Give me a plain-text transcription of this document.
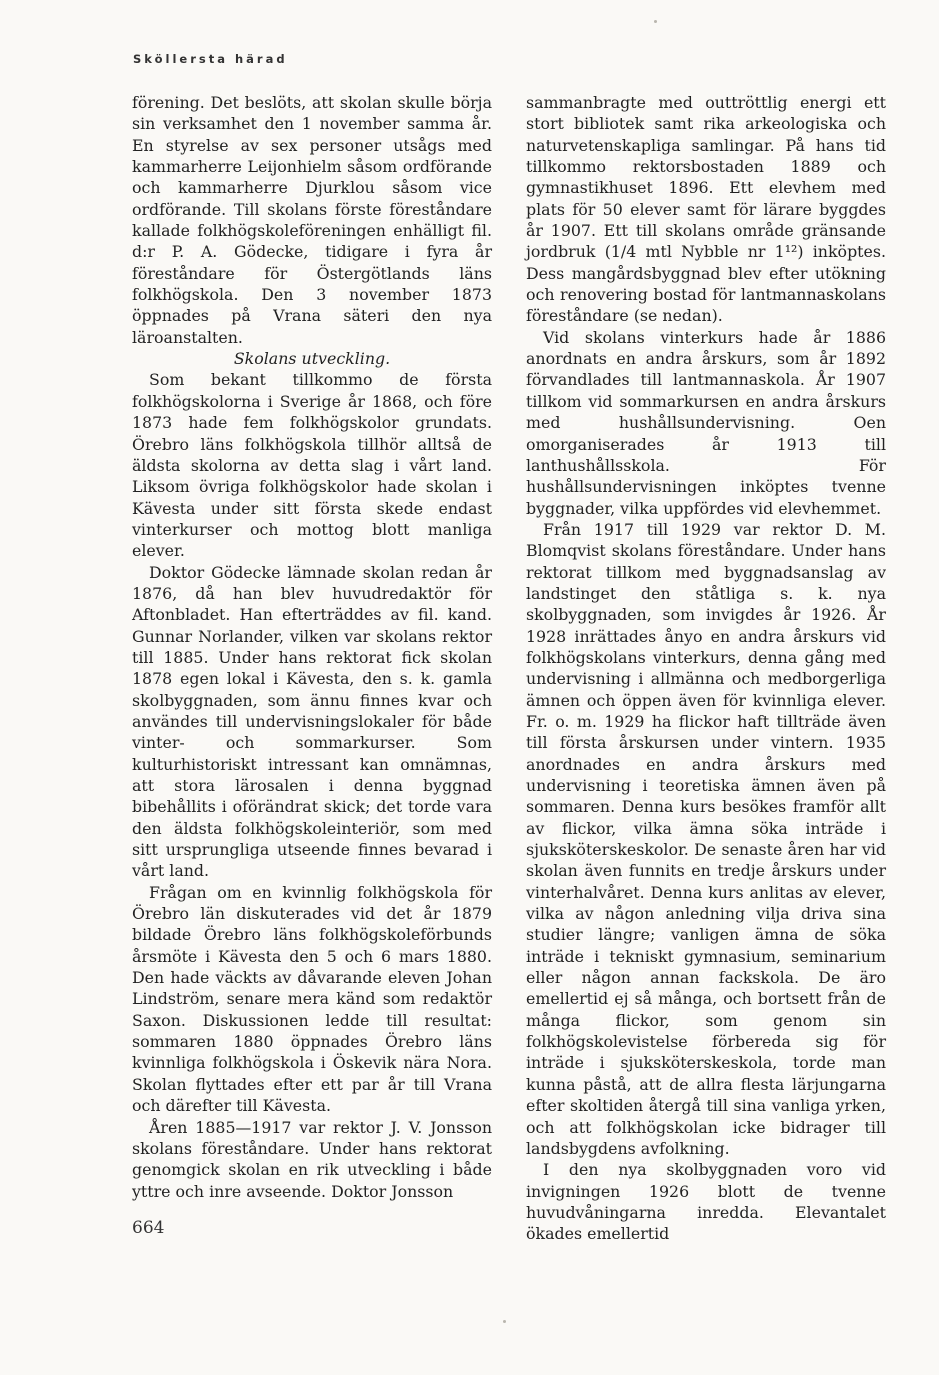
Sköllersta härad

förening. Det beslöts, att skolan skulle börja sin verksamhet den 1 november samma år. En styrelse av sex personer utsågs med kammarherre Leijonhielm såsom ordförande och kammarherre Djurklou såsom vice ordförande. Till skolans förste föreståndare kallade folkhögskoleföreningen enhälligt fil. d:r P. A. Gödecke, tidigare i fyra år föreståndare för Östergötlands läns folkhögskola. Den 3 november 1873 öppnades på Vrana säteri den nya läroanstalten.

Skolans utveckling.

Som bekant tillkommo de första folkhögskolorna i Sverige år 1868, och före 1873 hade fem folkhögskolor grundats. Örebro läns folkhögskola tillhör alltså de äldsta skolorna av detta slag i vårt land. Liksom övriga folkhögskolor hade skolan i Kävesta under sitt första skede endast vinterkurser och mottog blott manliga elever.

Doktor Gödecke lämnade skolan redan år 1876, då han blev huvudredaktör för Aftonbladet. Han efterträddes av fil. kand. Gunnar Norlander, vilken var skolans rektor till 1885. Under hans rektorat fick skolan 1878 egen lokal i Kävesta, den s. k. gamla skolbyggnaden, som ännu finnes kvar och användes till undervisningslokaler för både vinter- och sommarkurser. Som kulturhistoriskt intressant kan omnämnas, att stora lärosalen i denna byggnad bibehållits i oförändrat skick; det torde vara den äldsta folkhögskoleinteriör, som med sitt ursprungliga utseende finnes bevarad i vårt land.

Frågan om en kvinnlig folkhögskola för Örebro län diskuterades vid det år 1879 bildade Örebro läns folkhögskoleförbunds årsmöte i Kävesta den 5 och 6 mars 1880. Den hade väckts av dåvarande eleven Johan Lindström, senare mera känd som redaktör Saxon. Diskussionen ledde till resultat: sommaren 1880 öppnades Örebro läns kvinnliga folkhögskola i Öskevik nära Nora. Skolan flyttades efter ett par år till Vrana och därefter till Kävesta.

Åren 1885—1917 var rektor J. V. Jonsson skolans föreståndare. Under hans rektorat genomgick skolan en rik utveckling i både yttre och inre avseende. Doktor Jonsson

sammanbragte med outtröttlig energi ett stort bibliotek samt rika arkeologiska och naturvetenskapliga samlingar. På hans tid tillkommo rektorsbostaden 1889 och gymnastikhuset 1896. Ett elevhem med plats för 50 elever samt för lärare byggdes år 1907. Ett till skolans område gränsande jordbruk (1/4 mtl Nybble nr 1¹²) inköptes. Dess mangårdsbyggnad blev efter utökning och renovering bostad för lantmannaskolans föreståndare (se nedan).

Vid skolans vinterkurs hade år 1886 anordnats en andra årskurs, som år 1892 förvandlades till lantmannaskola. År 1907 tillkom vid sommarkursen en andra årskurs med hushållsundervisning. Oen omorganiserades år 1913 till lanthushållsskola. För hushållsundervisningen inköptes tvenne byggnader, vilka uppfördes vid elevhemmet.

Från 1917 till 1929 var rektor D. M. Blomqvist skolans föreståndare. Under hans rektorat tillkom med byggnadsanslag av landstinget den ståtliga s. k. nya skolbyggnaden, som invigdes år 1926. År 1928 inrättades ånyo en andra årskurs vid folkhögskolans vinterkurs, denna gång med undervisning i allmänna och medborgerliga ämnen och öppen även för kvinnliga elever. Fr. o. m. 1929 ha flickor haft tillträde även till första årskursen under vintern. 1935 anordnades en andra årskurs med undervisning i teoretiska ämnen även på sommaren. Denna kurs besökes framför allt av flickor, vilka ämna söka inträde i sjuksköterskeskolor. De senaste åren har vid skolan även funnits en tredje årskurs under vinterhalvåret. Denna kurs anlitas av elever, vilka av någon anledning vilja driva sina studier längre; vanligen ämna de söka inträde i tekniskt gymnasium, seminarium eller någon annan fackskola. De äro emellertid ej så många, och bortsett från de många flickor, som genom sin folkhögskolevistelse förbereda sig för inträde i sjuksköterskeskola, torde man kunna påstå, att de allra flesta lärjungarna efter skoltiden återgå till sina vanliga yrken, och att folkhögskolan icke bidrager till landsbygdens avfolkning.

I den nya skolbyggnaden voro vid invigningen 1926 blott de tvenne huvudvåningarna inredda. Elevantalet ökades emellertid

664
